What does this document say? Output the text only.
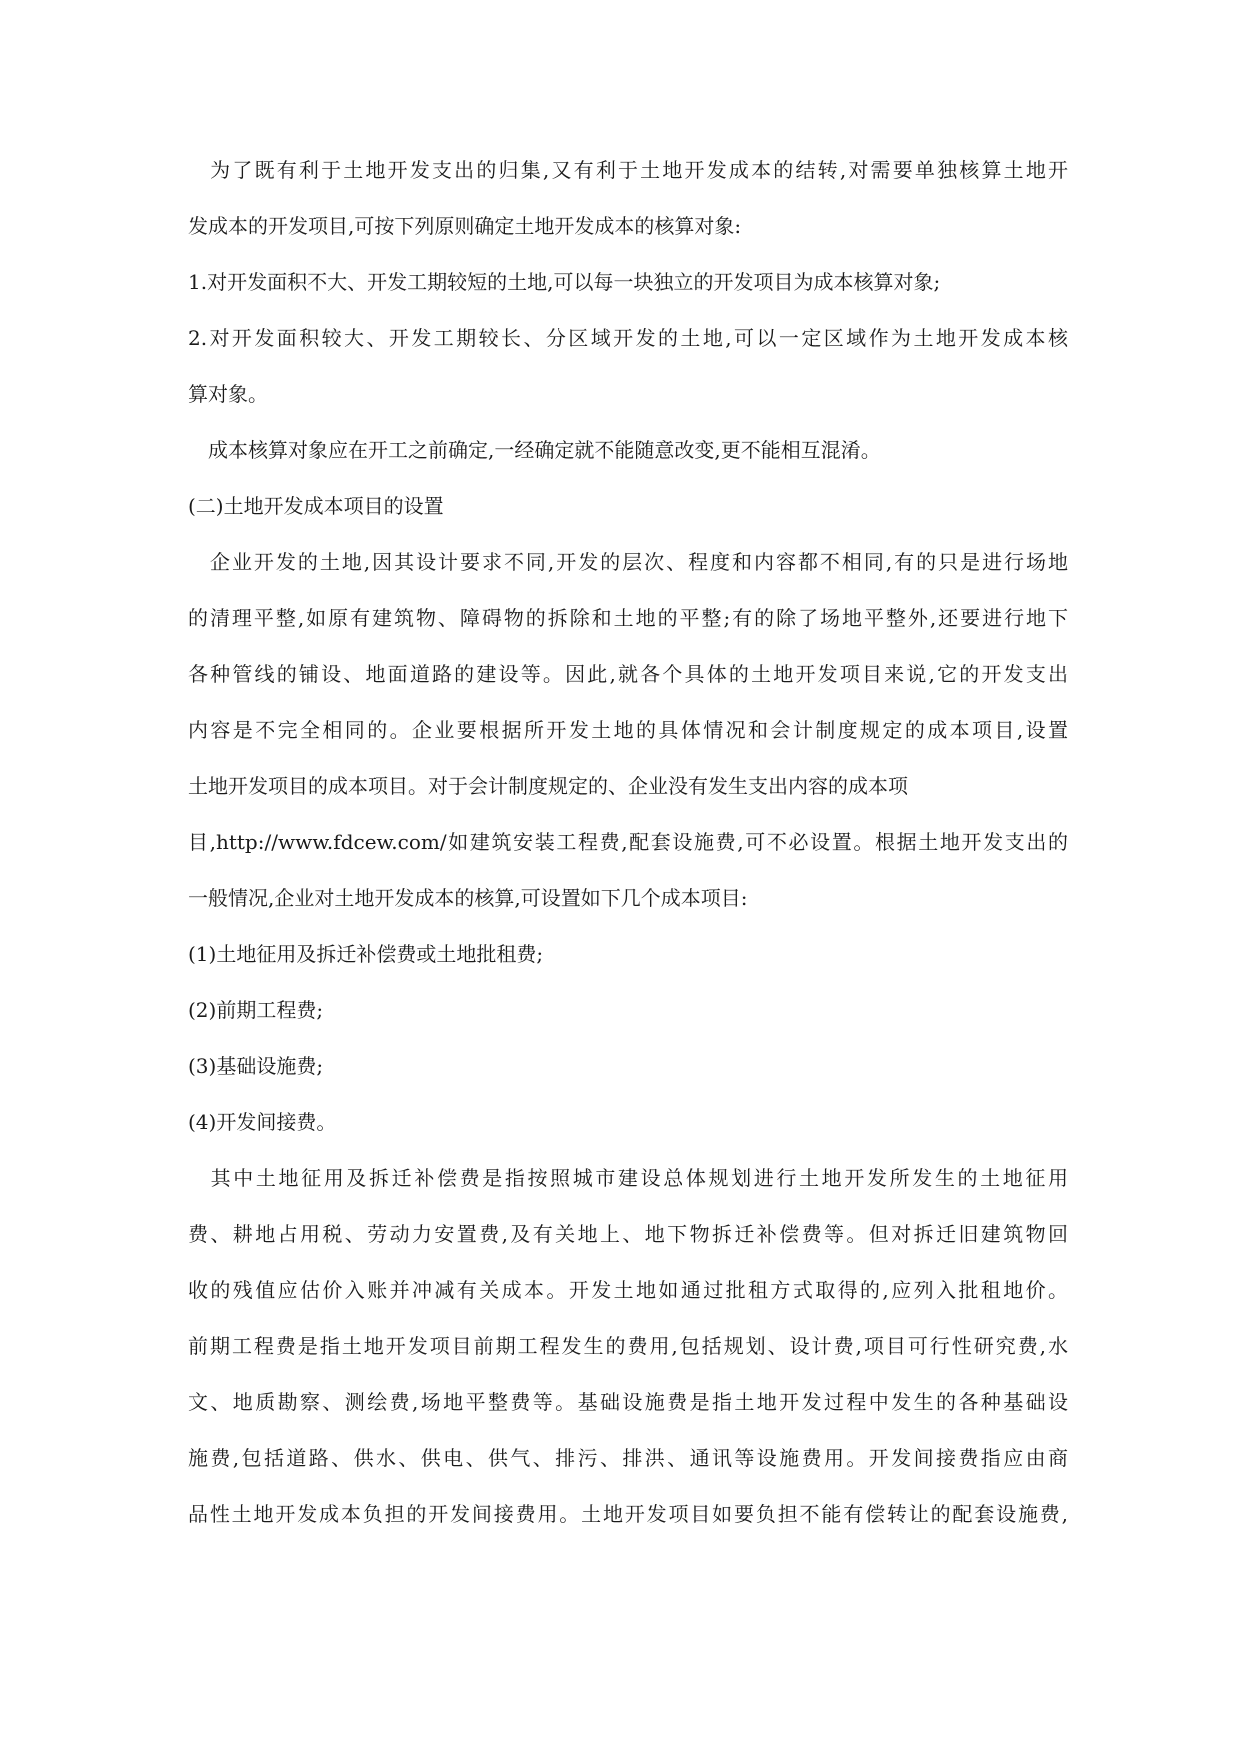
　为了既有利于土地开发支出的归集,又有利于土地开发成本的结转,对需要单独核算土地开
发成本的开发项目,可按下列原则确定土地开发成本的核算对象:
1.对开发面积不大、开发工期较短的土地,可以每一块独立的开发项目为成本核算对象;
2.对开发面积较大、开发工期较长、分区域开发的土地,可以一定区域作为土地开发成本核
算对象。
　成本核算对象应在开工之前确定,一经确定就不能随意改变,更不能相互混淆。
(二)土地开发成本项目的设置
　企业开发的土地,因其设计要求不同,开发的层次、程度和内容都不相同,有的只是进行场地
的清理平整,如原有建筑物、障碍物的拆除和土地的平整;有的除了场地平整外,还要进行地下
各种管线的铺设、地面道路的建设等。因此,就各个具体的土地开发项目来说,它的开发支出
内容是不完全相同的。企业要根据所开发土地的具体情况和会计制度规定的成本项目,设置
土地开发项目的成本项目。对于会计制度规定的、企业没有发生支出内容的成本项
目,http://www.fdcew.com/如建筑安装工程费,配套设施费,可不必设置。根据土地开发支出的
一般情况,企业对土地开发成本的核算,可设置如下几个成本项目:
(1)土地征用及拆迁补偿费或土地批租费;
(2)前期工程费;
(3)基础设施费;
(4)开发间接费。
　其中土地征用及拆迁补偿费是指按照城市建设总体规划进行土地开发所发生的土地征用
费、耕地占用税、劳动力安置费,及有关地上、地下物拆迁补偿费等。但对拆迁旧建筑物回
收的残值应估价入账并冲减有关成本。开发土地如通过批租方式取得的,应列入批租地价。
前期工程费是指土地开发项目前期工程发生的费用,包括规划、设计费,项目可行性研究费,水
文、地质勘察、测绘费,场地平整费等。基础设施费是指土地开发过程中发生的各种基础设
施费,包括道路、供水、供电、供气、排污、排洪、通讯等设施费用。开发间接费指应由商
品性土地开发成本负担的开发间接费用。土地开发项目如要负担不能有偿转让的配套设施费,
